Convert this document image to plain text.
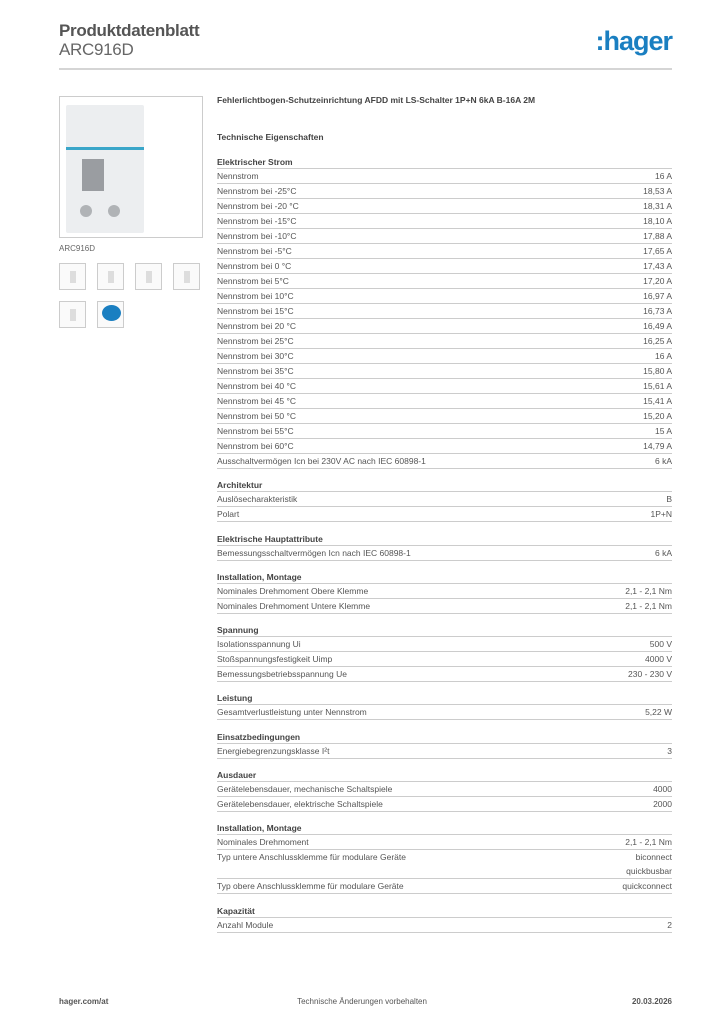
Produktdatenblatt
ARC916D	:hager
ARC916D
Fehlerlichtbogen-Schutzeinrichtung AFDD mit LS-Schalter 1P+N 6kA B-16A 2M
Technische Eigenschaften
Elektrischer Strom
Nennstrom	16 A
Nennstrom bei -25°C	18,53 A
Nennstrom bei -20 °C	18,31 A
Nennstrom bei -15°C	18,10 A
Nennstrom bei -10°C	17,88 A
Nennstrom bei -5°C	17,65 A
Nennstrom bei 0 °C	17,43 A
Nennstrom bei 5°C	17,20 A
Nennstrom bei 10°C	16,97 A
Nennstrom bei 15°C	16,73 A
Nennstrom bei 20 °C	16,49 A
Nennstrom bei 25°C	16,25 A
Nennstrom bei 30°C	16 A
Nennstrom bei 35°C	15,80 A
Nennstrom bei 40 °C	15,61 A
Nennstrom bei 45 °C	15,41 A
Nennstrom bei 50 °C	15,20 A
Nennstrom bei 55°C	15 A
Nennstrom bei 60°C	14,79 A
Ausschaltvermögen Icn bei 230V AC nach IEC 60898-1	6 kA
Architektur
Auslösecharakteristik	B
Polart	1P+N
Elektrische Hauptattribute
Bemessungsschaltvermögen Icn nach IEC 60898-1	6 kA
Installation, Montage
Nominales Drehmoment Obere Klemme	2,1 - 2,1 Nm
Nominales Drehmoment Untere Klemme	2,1 - 2,1 Nm
Spannung
Isolationsspannung Ui	500 V
Stoßspannungsfestigkeit Uimp	4000 V
Bemessungsbetriebsspannung Ue	230 - 230 V
Leistung
Gesamtverlustleistung unter Nennstrom	5,22 W
Einsatzbedingungen
Energiebegrenzungsklasse I²t	3
Ausdauer
Gerätelebensdauer, mechanische Schaltspiele	4000
Gerätelebensdauer, elektrische Schaltspiele	2000
Installation, Montage
Nominales Drehmoment	2,1 - 2,1 Nm
Typ untere Anschlussklemme für modulare Geräte	biconnect
quickbusbar
Typ obere Anschlussklemme für modulare Geräte	quickconnect
Kapazität
Anzahl Module	2
hager.com/at	Technische Änderungen vorbehalten	20.03.2026
